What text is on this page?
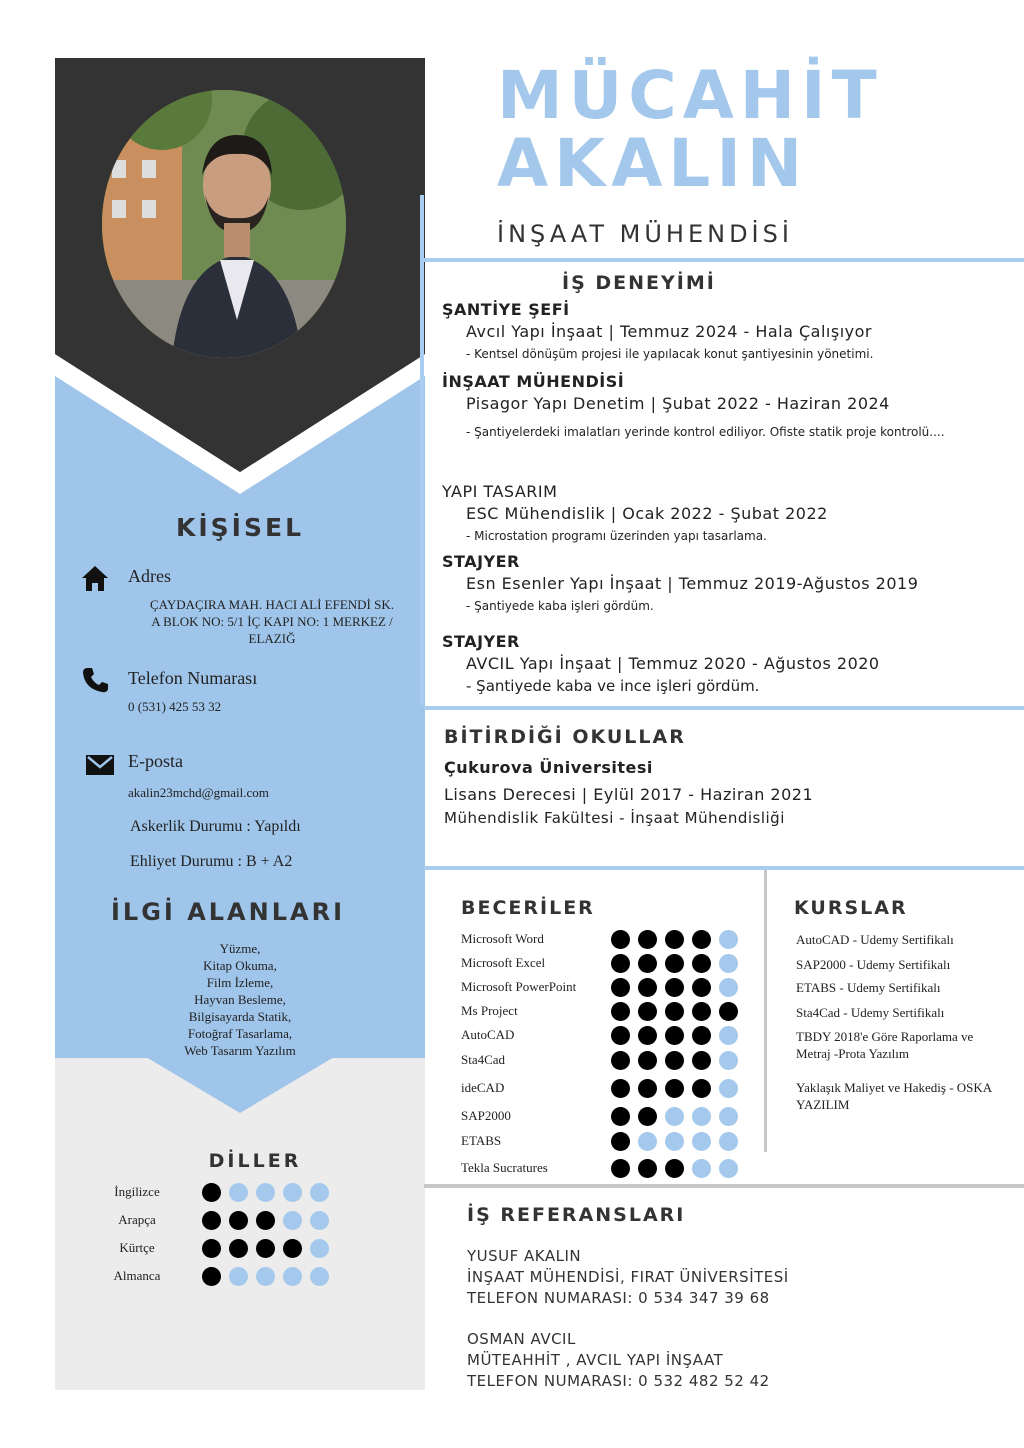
KİŞİSEL
Adres
ÇAYDAÇIRA MAH. HACI ALİ EFENDİ SK.
A BLOK NO: 5/1 İÇ KAPI NO: 1 MERKEZ /
ELAZIĞ
Telefon Numarası
0 (531) 425 53 32
E-posta
akalin23mchd@gmail.com
Askerlik Durumu : Yapıldı
Ehliyet Durumu : B + A2
İLGİ ALANLARI
Yüzme,
Kitap Okuma,
Film İzleme,
Hayvan Besleme,
Bilgisayarda Statik,
Fotoğraf Tasarlama,
Web Tasarım Yazılım
DİLLER
İngilizce
Arapça
Kürtçe
Almanca
MÜCAHİT
AKALIN
İNŞAAT MÜHENDİSİ
İŞ DENEYİMİ
ŞANTİYE ŞEFİ
Avcıl Yapı İnşaat | Temmuz 2024 - Hala Çalışıyor
- Kentsel dönüşüm projesi ile yapılacak konut şantiyesinin yönetimi.
İNŞAAT MÜHENDİSİ
Pisagor Yapı Denetim | Şubat 2022 - Haziran 2024
- Şantiyelerdeki imalatları yerinde kontrol ediliyor. Ofiste statik proje kontrolü....
YAPI TASARIM
ESC Mühendislik | Ocak 2022 - Şubat 2022
- Microstation programı üzerinden yapı tasarlama.
STAJYER
Esn Esenler Yapı İnşaat | Temmuz 2019-Ağustos 2019
- Şantiyede kaba işleri gördüm.
STAJYER
AVCIL Yapı İnşaat | Temmuz 2020 - Ağustos 2020
- Şantiyede kaba ve ince işleri gördüm.
BİTİRDİĞİ OKULLAR
Çukurova Üniversitesi
Lisans Derecesi | Eylül 2017 - Haziran 2021
Mühendislik Fakültesi - İnşaat Mühendisliği
BECERİLER
Microsoft Word
Microsoft Excel
Microsoft PowerPoint
Ms Project
AutoCAD
Sta4Cad
ideCAD
SAP2000
ETABS
Tekla Sucratures
KURSLAR
AutoCAD - Udemy Sertifikalı
SAP2000 - Udemy Sertifikalı
ETABS - Udemy Sertifikalı
Sta4Cad - Udemy Sertifikalı
TBDY 2018'e Göre Raporlama ve Metraj -Prota Yazılım
Yaklaşık Maliyet ve Hakediş - OSKA YAZILIM
İŞ REFERANSLARI
YUSUF AKALIN
İNŞAAT MÜHENDİSİ, FIRAT ÜNİVERSİTESİ
TELEFON NUMARASI: 0 534 347 39 68
OSMAN AVCIL
MÜTEAHHİT , AVCIL YAPI İNŞAAT
TELEFON NUMARASI: 0 532 482 52 42
